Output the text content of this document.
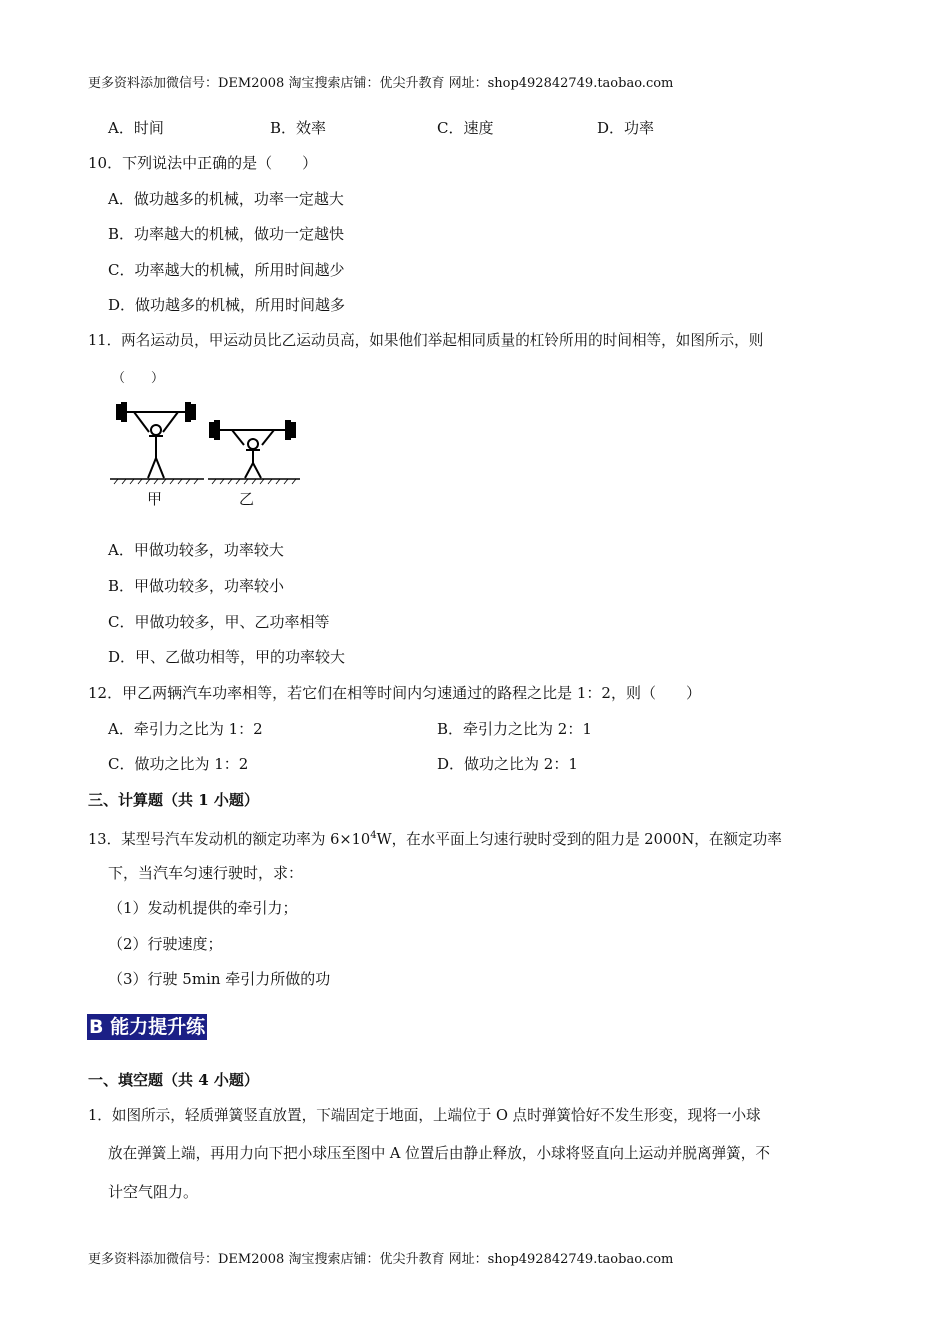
更多资料添加微信号：DEM2008 淘宝搜索店铺：优尖升教育 网址：shop492842749.taobao.com
A．时间	B．效率	C．速度	D．功率
10．下列说法中正确的是（　　）
A．做功越多的机械，功率一定越大
B．功率越大的机械，做功一定越快
C．功率越大的机械，所用时间越少
D．做功越多的机械，所用时间越多
11．两名运动员，甲运动员比乙运动员高，如果他们举起相同质量的杠铃所用的时间相等，如图所示，则
（　　）
甲	乙
A．甲做功较多，功率较大
B．甲做功较多，功率较小
C．甲做功较多，甲、乙功率相等
D．甲、乙做功相等，甲的功率较大
12．甲乙两辆汽车功率相等，若它们在相等时间内匀速通过的路程之比是 1：2，则（　　）
A．牵引力之比为 1：2	B．牵引力之比为 2：1
C．做功之比为 1：2	D．做功之比为 2：1
三、计算题（共 1 小题）
13．某型号汽车发动机的额定功率为 $6\times 10^4W$，在水平面上匀速行驶时受到的阻力是 2000N，在额定功率
下，当汽车匀速行驶时，求：
（1）发动机提供的牵引力；
（2）行驶速度；
（3）行驶 5min 牵引力所做的功
B 能力提升练
一、填空题（共 4 小题）
1．如图所示，轻质弹簧竖直放置，下端固定于地面，上端位于 O 点时弹簧恰好不发生形变，现将一小球
放在弹簧上端，再用力向下把小球压至图中 A 位置后由静止释放，小球将竖直向上运动并脱离弹簧，不
计空气阻力。
更多资料添加微信号：DEM2008 淘宝搜索店铺：优尖升教育 网址：shop492842749.taobao.com
